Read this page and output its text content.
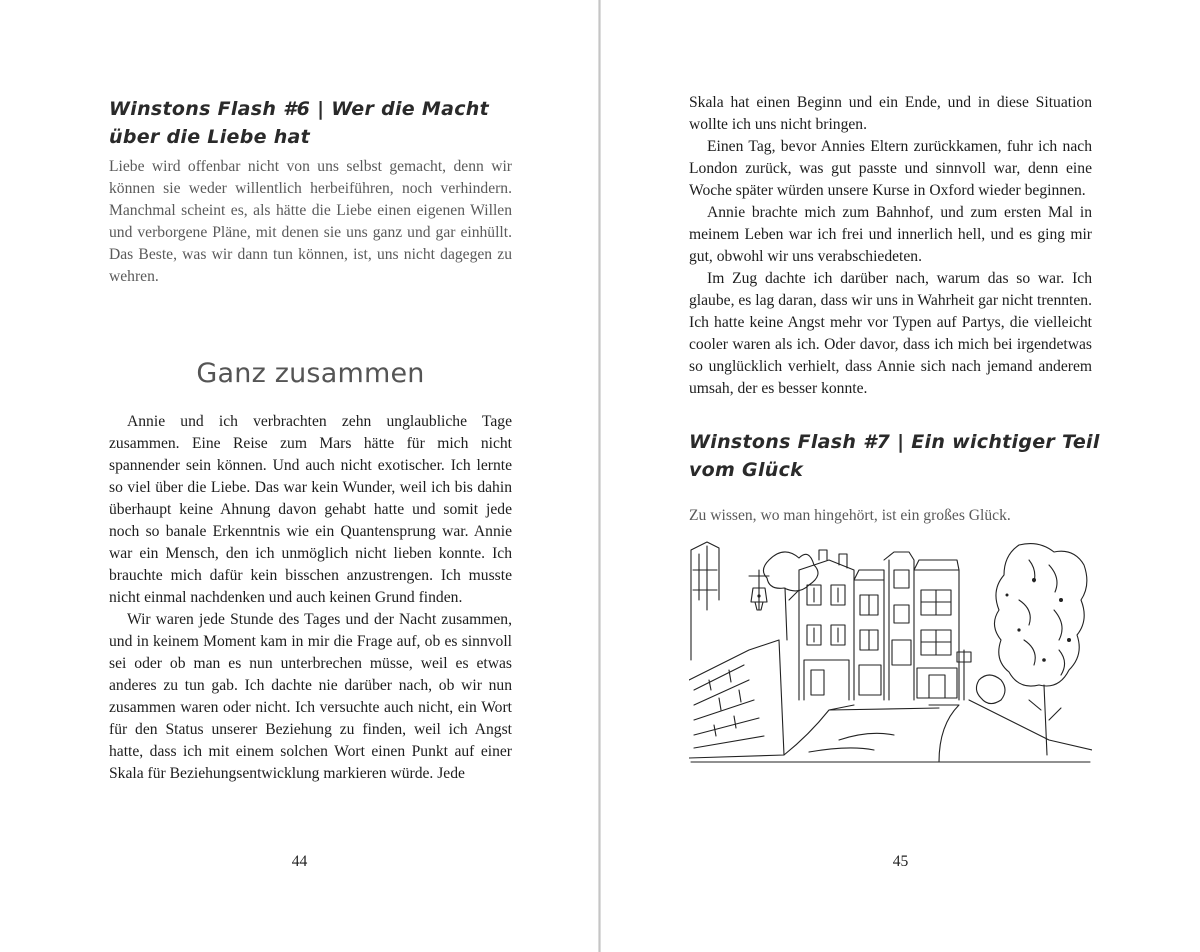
Winstons Flash #6 | Wer die Macht über die Liebe hat

Liebe wird offenbar nicht von uns selbst gemacht, denn wir können sie weder willentlich herbeiführen, noch verhindern. Manchmal scheint es, als hätte die Liebe einen eigenen Willen und verborgene Pläne, mit denen sie uns ganz und gar einhüllt. Das Beste, was wir dann tun können, ist, uns nicht dagegen zu wehren.

Ganz zusammen

Annie und ich verbrachten zehn unglaubliche Tage zusammen. Eine Reise zum Mars hätte für mich nicht spannender sein können. Und auch nicht exotischer. Ich lernte so viel über die Liebe. Das war kein Wunder, weil ich bis dahin überhaupt keine Ahnung davon gehabt hatte und somit jede noch so banale Erkenntnis wie ein Quantensprung war. Annie war ein Mensch, den ich unmöglich nicht lieben konnte. Ich brauchte mich dafür kein bisschen anzustrengen. Ich musste nicht einmal nachdenken und auch keinen Grund finden.

Wir waren jede Stunde des Tages und der Nacht zusammen, und in keinem Moment kam in mir die Frage auf, ob es sinnvoll sei oder ob man es nun unterbrechen müsse, weil es etwas anderes zu tun gab. Ich dachte nie darüber nach, ob wir nun zusammen waren oder nicht. Ich versuchte auch nicht, ein Wort für den Status unserer Beziehung zu finden, weil ich Angst hatte, dass ich mit einem solchen Wort einen Punkt auf einer Skala für Beziehungsentwicklung markieren würde. Jede

44

Skala hat einen Beginn und ein Ende, und in diese Situation wollte ich uns nicht bringen.

Einen Tag, bevor Annies Eltern zurückkamen, fuhr ich nach London zurück, was gut passte und sinnvoll war, denn eine Woche später würden unsere Kurse in Oxford wieder beginnen.

Annie brachte mich zum Bahnhof, und zum ersten Mal in meinem Leben war ich frei und innerlich hell, und es ging mir gut, obwohl wir uns verabschiedeten.

Im Zug dachte ich darüber nach, warum das so war. Ich glaube, es lag daran, dass wir uns in Wahrheit gar nicht trennten. Ich hatte keine Angst mehr vor Typen auf Partys, die vielleicht cooler waren als ich. Oder davor, dass ich mich bei irgendetwas so unglücklich verhielt, dass Annie sich nach jemand anderem umsah, der es besser konnte.

Winstons Flash #7 | Ein wichtiger Teil vom Glück

Zu wissen, wo man hingehört, ist ein großes Glück.

45
